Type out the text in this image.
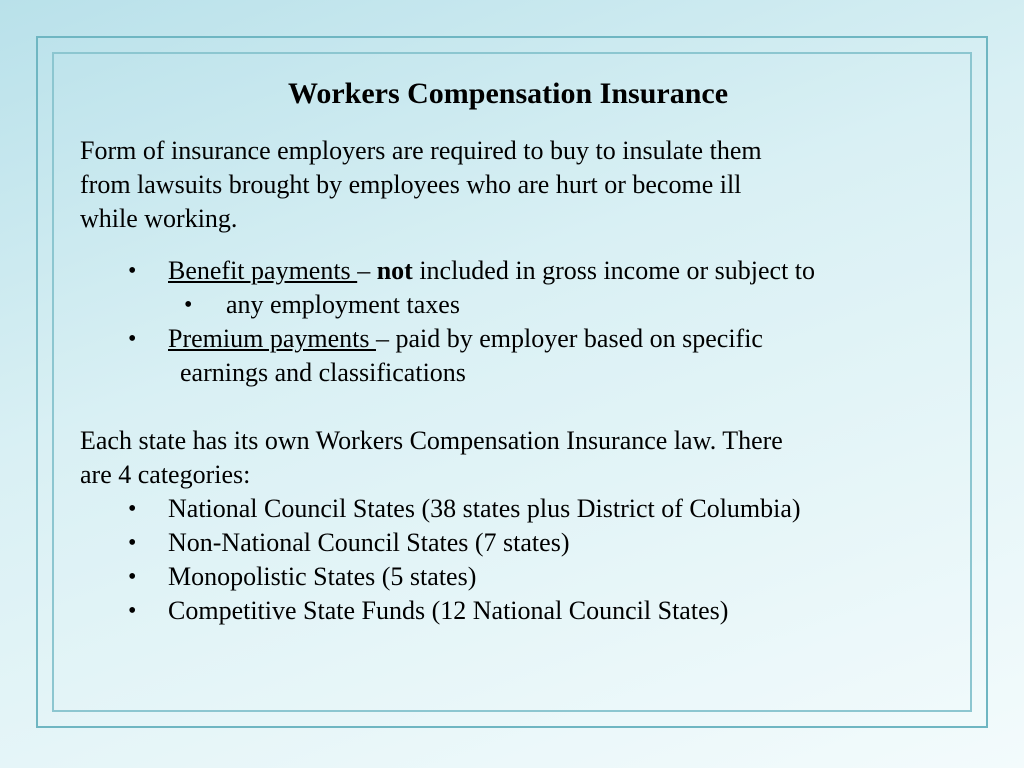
Workers Compensation Insurance
Form of insurance employers are required to buy to insulate them
from lawsuits brought by employees who are hurt or become ill
while working.
• Benefit payments – not included in gross income or subject to
• any employment taxes
• Premium payments – paid by employer based on specific
earnings and classifications
Each state has its own Workers Compensation Insurance law. There
are 4 categories:
• National Council States (38 states plus District of Columbia)
• Non-National Council States (7 states)
• Monopolistic States (5 states)
• Competitive State Funds (12 National Council States)
